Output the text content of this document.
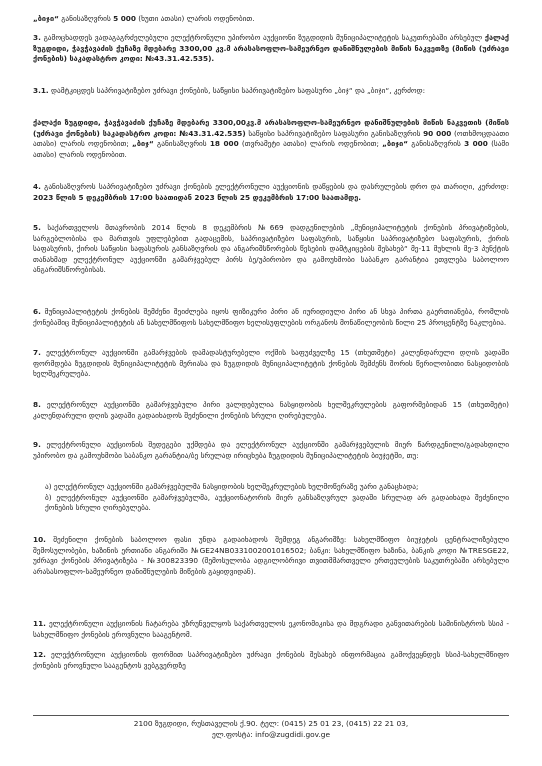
„ბიჯი“ განისაზღვრის 5 000 (ხუთი ათასი) ლარის ოდენობით.

3. გამოცხადდეს ვადაგაგრძელებული ელექტრონული უპირობო აუქციონი ზუგდიდის მუნიციპალიტეტის საკუთრებაში არსებულ ქალაქ ზუგდიდი, ჭავჭავაძის ქუჩაზე მდებარე 3300,00 კვ.მ არასასოფლო-სამეურნეო დანიშნულების მიწის ნაკვეთზე (მიწის (უძრავი ქონების) საკადასტრო კოდი: №43.31.42.535).

3.1. დამტკიცდეს საპრივატიზებო უძრავი ქონების, საწყისი საპრივატიზებო საფასური „ბიჯ“ და „ბიჯი“, კერძოდ:

ქალაქი ზუგდიდი, ჭავჭავაძის ქუჩაზე მდებარე 3300,00კვ.მ არასასოფლო-სამეურნეო დანიშნულების მიწის ნაკვეთის (მიწის (უძრავი ქონების) საკადასტრო კოდი: №43.31.42.535) საწყისი საპრივატიზებო საფასური განისაზღვრის 90 000 (ოთხმოცდაათი ათასი) ლარის ოდენობით; „ბიჯ“ განისაზღვრის 18 000 (თვრამეტი ათასი) ლარის ოდენობით; „ბიჯი“ განისაზღვრის 3 000 (სამი ათასი) ლარის ოდენობით.

4. განისაზღვროს საპრივატიზებო უძრავი ქონების ელექტრონული აუქციონის დაწყების და დასრულების დრო და თარიღი, კერძოდ: 2023 წლის 5 დეკემბრის 17:00 საათიდან 2023 წლის 25 დეკემბრის 17:00 საათამდე.

5. საქართველოს მთავრობის 2014 წლის 8 დეკემბრის №669 დადგენილების „მუნიციპალიტეტის ქონების პრივატიზების, სარგებლობისა და მართვის უფლებებით გადაცემის, საპრივატიზებო საფასურის, საწყისი საპრივატიზებო საფასურის, ქირის საფასურის, ქირის საწყისი საფასურის განსაზღვრის და ანგარიშსწორების წესების დამტკიცების შესახებ“ მე-11 მუხლის მე-3 პუნქტის თანახმად ელექტრონულ აუქციონში გამარჯვებულ პირს ბე/უპირობო და გამოუხმობი საბანკო გარანტია ეთვლება საბოლოო ანგარიშსწორებისას.

6. მუნიციპალიტეტის ქონების შემძენი შეიძლება იყოს ფიზიკური პირი ან იურიდიული პირი ან სხვა პირთა გაერთიანება, რომლის ქონებაშიც მუნიციპალიტეტის ან სახელმწიფოს სახელმწიფო ხელისუფლების ორგანოს მონაწილეობის წილი 25 პროცენტზე ნაკლებია.

7. ელექტრონულ აუქციონში გამარჯვების დამადასტურებელი ოქმის საფუძველზე 15 (თხუთმეტი) კალენდარული დღის ვადაში ფორმდება ზუგდიდის მუნიციპალიტეტის მერიასა და ზუგდიდის მუნიციპალიტეტის ქონების შემძენს შორის წერილობითი ნასყიდობის ხელშეკრულება.

8. ელექტრონულ აუქციონში გამარჯვებული პირი ვალდებულია ნასყიდობის ხელშეკრულების გაფორმებიდან 15 (თხუთმეტი) კალენდარული დღის ვადაში გადაიხადოს შეძენილი ქონების სრული ღირებულება.

9. ელექტრონული აუქციონის შედეგები უქმდება და ელექტრონულ აუქციონში გამარჯვებულის მიერ წარდგენილი/გადახდილი უპირობო და გამოუხმობი საბანკო გარანტია/ბე სრულად ირიცხება ზუგდიდის მუნიციპალიტეტის ბიუჯეტში, თუ:

ა) ელექტრონულ აუქციონში გამარჯვებულმა ნასყიდობის ხელშეკრულების ხელმოწერაზე უარი განაცხადა;
ბ) ელექტრონულ აუქციონში გამარჯვებულმა, აუქციონატორის მიერ განსაზღვრულ ვადაში სრულად არ გადაიხადა შეძენილი ქონების სრული ღირებულება.

10. შეძენილი ქონების საბოლოო ფასი უნდა გადაიხადოს შემდეგ ანგარიშზე: სახელმწიფო ბიუჯეტის ცენტრალიზებული შემოსულობები, ხაზინის ერთიანი ანგარიში №GE24NB0331002001016502; ბანკი: სახელმწიფო ხაზინა, ბანკის კოდი №TRESGE22, უძრავი ქონების პრივატიზება - №300823390 (შემოსულობა ადგილობრივი თვითმმართველი ერთეულების საკუთრებაში არსებული არასასოფლო-სამეურნეო დანიშნულების მიწების გაყიდვიდან).

11. ელექტრონული აუქციონის ჩატარება უზრუნველყოს საქართველოს ეკონომიკისა და მდგრადი განვითარების სამინისტროს სსიპ - სახელმწიფო ქონების ეროვნული სააგენტომ.

12. ელექტრონული აუქციონის ფორმით საპრივატიზებო უძრავი ქონების შესახებ ინფორმაცია გამოქვეყნდეს სსიპ-სახელმწიფო ქონების ეროვნული სააგენტოს ვებგვერდზე

2100 ზუგდიდი, რუსთაველის ქ.90. ტელ: (0415) 25 01 23, (0415) 22 21 03,
ელ.ფოსტა: info@zugdidi.gov.ge
